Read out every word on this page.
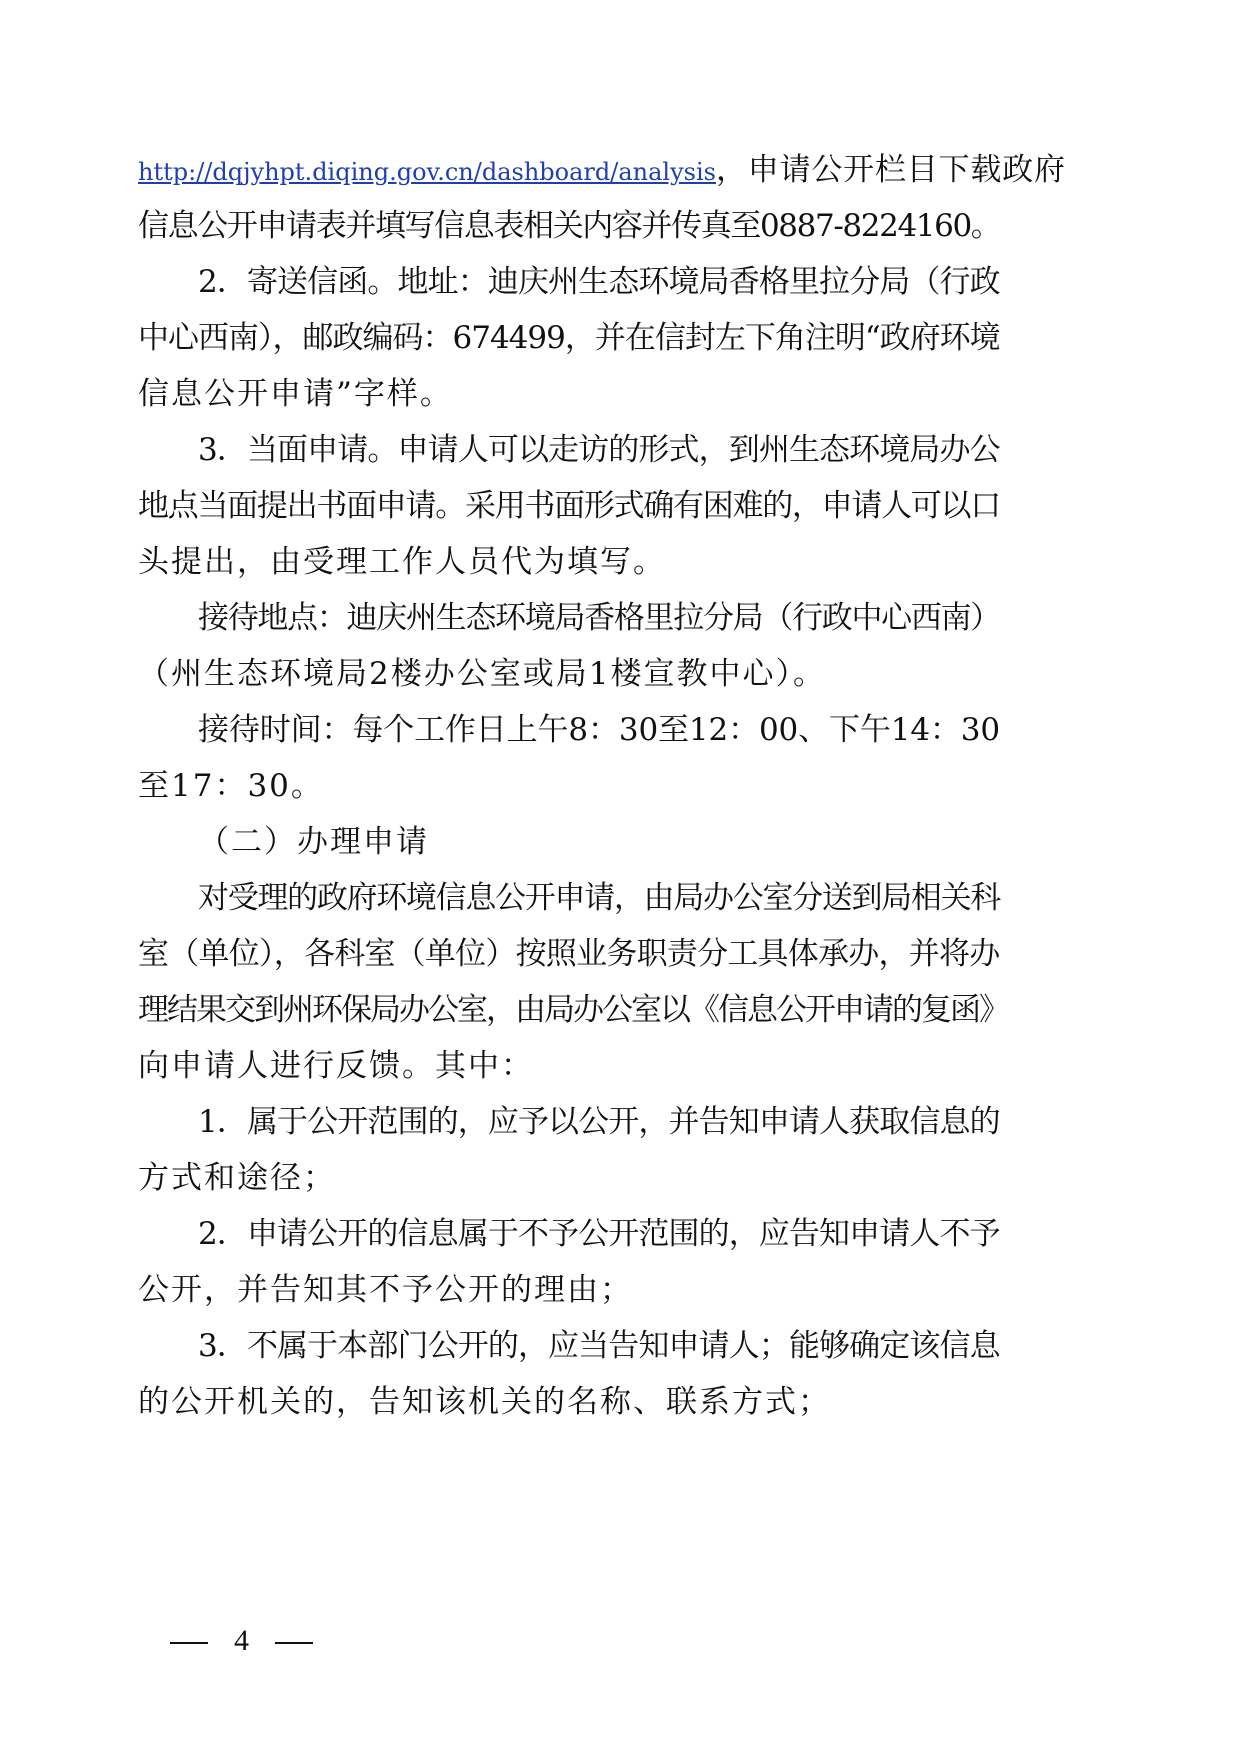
http://dqjyhpt.diqing.gov.cn/dashboard/analysis，申请公开栏目下载政府
信息公开申请表并填写信息表相关内容并传真至0887-8224160。
2．寄送信函。地址：迪庆州生态环境局香格里拉分局（行政
中心西南），邮政编码：674499，并在信封左下角注明“政府环境
信息公开申请”字样。
3．当面申请。申请人可以走访的形式，到州生态环境局办公
地点当面提出书面申请。采用书面形式确有困难的，申请人可以口
头提出，由受理工作人员代为填写。
接待地点：迪庆州生态环境局香格里拉分局（行政中心西南）
（州生态环境局2楼办公室或局1楼宣教中心）。
接待时间：每个工作日上午8：30至12：00、下午14：30
至17：30。
（二）办理申请
对受理的政府环境信息公开申请，由局办公室分送到局相关科
室（单位），各科室（单位）按照业务职责分工具体承办，并将办
理结果交到州环保局办公室，由局办公室以《信息公开申请的复函》
向申请人进行反馈。其中：
1．属于公开范围的，应予以公开，并告知申请人获取信息的
方式和途径；
2．申请公开的信息属于不予公开范围的，应告知申请人不予
公开，并告知其不予公开的理由；
3．不属于本部门公开的，应当告知申请人；能够确定该信息
的公开机关的，告知该机关的名称、联系方式；
4
